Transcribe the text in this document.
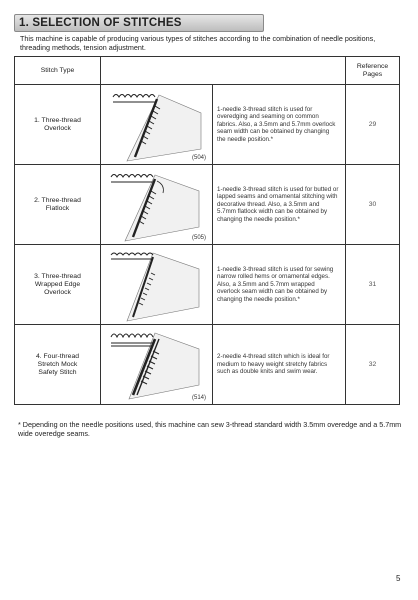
1. SELECTION OF STITCHES
This machine is capable of producing various types of stitches according to the combination of needle positions, threading methods, tension adjustment.
Stitch Type			Reference Pages

1. Three-thread
Overlock	(504)	1-needle 3-thread stitch is used for overedging and seaming on common fabrics. Also, a 3.5mm and 5.7mm overlock seam width can be obtained by changing the needle position.*	29

2. Three-thread
Flatlock	(505)	1-needle 3-thread stitch is used for butted or lapped seams and ornamental stitching with decorative thread. Also, a 3.5mm and 5.7mm flatlock width can be obtained by changing the needle position.*	30

3. Three-thread
Wrapped Edge
Overlock		1-needle 3-thread stitch is used for sewing narrow rolled hems or ornamental edges. Also, a 3.5mm and 5.7mm wrapped overlock seam width can be obtained by changing the needle position.*	31

4. Four-thread
Stretch Mock
Safety Stitch	(514)	2-needle 4-thread stitch which is ideal for medium to heavy weight stretchy fabrics such as double knits and swim wear.	32
* Depending on the needle positions used, this machine can sew 3-thread standard width 3.5mm overedge and a 5.7mm wide overedge seams.
5
